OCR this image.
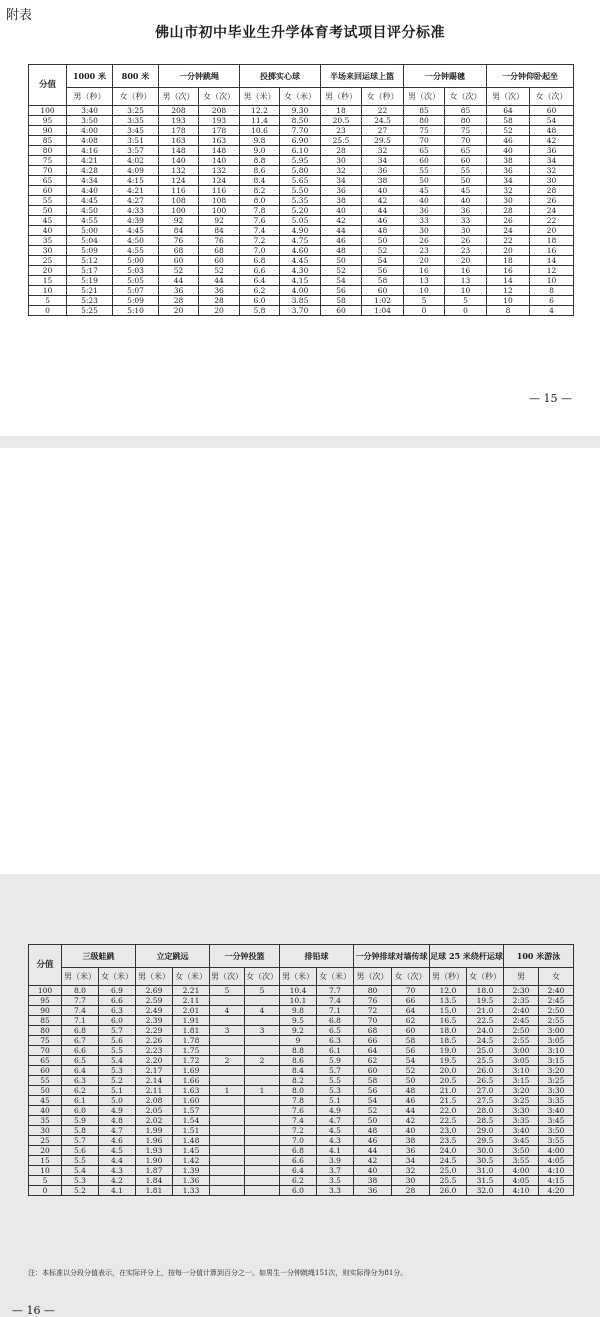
附表
佛山市初中毕业生升学体育考试项目评分标准
分值	1000 米	800 米	一分钟跳绳		投掷实心球		半场来回运球上篮		一分钟踢毽		一分钟仰卧起坐	
	男（秒）	女（秒）	男（次）	女（次）	男（米）	女（米）	男（秒）	女（秒）	男（次）	女（次）	男（次）	女（次）
100	3:40	3:25	208	208	12.2	9.30	18	22	85	85	64	60
95	3:50	3:35	193	193	11.4	8.50	20.5	24.5	80	80	58	54
90	4:00	3:45	178	178	10.6	7.70	23	27	75	75	52	48
85	4:08	3:51	163	163	9.8	6.90	25.5	29.5	70	70	46	42
80	4:16	3:57	148	148	9.0	6.10	28	32	65	65	40	36
75	4:21	4:02	140	140	8.8	5.95	30	34	60	60	38	34
70	4:28	4:09	132	132	8.6	5.80	32	36	55	55	36	32
65	4:34	4:15	124	124	8.4	5.65	34	38	50	50	34	30
60	4:40	4:21	116	116	8.2	5.50	36	40	45	45	32	28
55	4:45	4:27	108	108	8.0	5.35	38	42	40	40	30	26
50	4:50	4:33	100	100	7.8	5.20	40	44	36	36	28	24
45	4:55	4:39	92	92	7.6	5.05	42	46	33	33	26	22
40	5:00	4:45	84	84	7.4	4.90	44	48	30	30	24	20
35	5:04	4:50	76	76	7.2	4.75	46	50	26	26	22	18
30	5:09	4:55	68	68	7.0	4.60	48	52	23	23	20	16
25	5:12	5:00	60	60	6.8	4.45	50	54	20	20	18	14
20	5:17	5:03	52	52	6.6	4.30	52	56	16	16	16	12
15	5:19	5:05	44	44	6.4	4.15	54	58	13	13	14	10
10	5:21	5:07	36	36	6.2	4.00	56	60	10	10	12	8
5	5:23	5:09	28	28	6.0	3.85	58	1:02	5	5	10	6
0	5:25	5:10	20	20	5.8	3.70	60	1:04	0	0	8	4
— 15 —
分值	三级蛙跳		立定跳远		一分钟投篮		排铅球		一分钟排球对墙传球		足球 25 米绕杆运球		100 米游泳	
	男（米）	女（米）	男（米）	女（米）	男（次）	女（次）	男（米）	女（米）	男（次）	女（次）	男（秒）	女（秒）	男	女
100	8.0	6.9	2.69	2.21	5	5	10.4	7.7	80	70	12.0	18.0	2:30	2:40
95	7.7	6.6	2.59	2.11			10.1	7.4	76	66	13.5	19.5	2:35	2:45
90	7.4	6.3	2.49	2.01	4	4	9.8	7.1	72	64	15.0	21.0	2:40	2:50
85	7.1	6.0	2.39	1.91			9.5	6.8	70	62	16.5	22.5	2:45	2:55
80	6.8	5.7	2.29	1.81	3	3	9.2	6.5	68	60	18.0	24.0	2:50	3:00
75	6.7	5.6	2.26	1.78			9	6.3	66	58	18.5	24.5	2:55	3:05
70	6.6	5.5	2.23	1.75			8.8	6.1	64	56	19.0	25.0	3:00	3:10
65	6.5	5.4	2.20	1.72	2	2	8.6	5.9	62	54	19.5	25.5	3:05	3:15
60	6.4	5.3	2.17	1.69			8.4	5.7	60	52	20.0	26.0	3:10	3:20
55	6.3	5.2	2.14	1.66			8.2	5.5	58	50	20.5	26.5	3:15	3:25
50	6.2	5.1	2.11	1.63	1	1	8.0	5.3	56	48	21.0	27.0	3:20	3:30
45	6.1	5.0	2.08	1.60			7.8	5.1	54	46	21.5	27.5	3:25	3:35
40	6.0	4.9	2.05	1.57			7.6	4.9	52	44	22.0	28.0	3:30	3:40
35	5.9	4.8	2.02	1.54			7.4	4.7	50	42	22.5	28.5	3:35	3:45
30	5.8	4.7	1.99	1.51			7.2	4.5	48	40	23.0	29.0	3:40	3:50
25	5.7	4.6	1.96	1.48			7.0	4.3	46	38	23.5	29.5	3:45	3:55
20	5.6	4.5	1.93	1.45			6.8	4.1	44	36	24.0	30.0	3:50	4:00
15	5.5	4.4	1.90	1.42			6.6	3.9	42	34	24.5	30.5	3:55	4:05
10	5.4	4.3	1.87	1.39			6.4	3.7	40	32	25.0	31.0	4:00	4:10
5	5.3	4.2	1.84	1.36			6.2	3.5	38	30	25.5	31.5	4:05	4:15
0	5.2	4.1	1.81	1.33			6.0	3.3	36	28	26.0	32.0	4:10	4:20
注：本标准以分段分值表示，在实际评分上，按每一分值计算到百分之一。如男生一分钟跳绳151次，则实际得分为81分。
— 16 —
